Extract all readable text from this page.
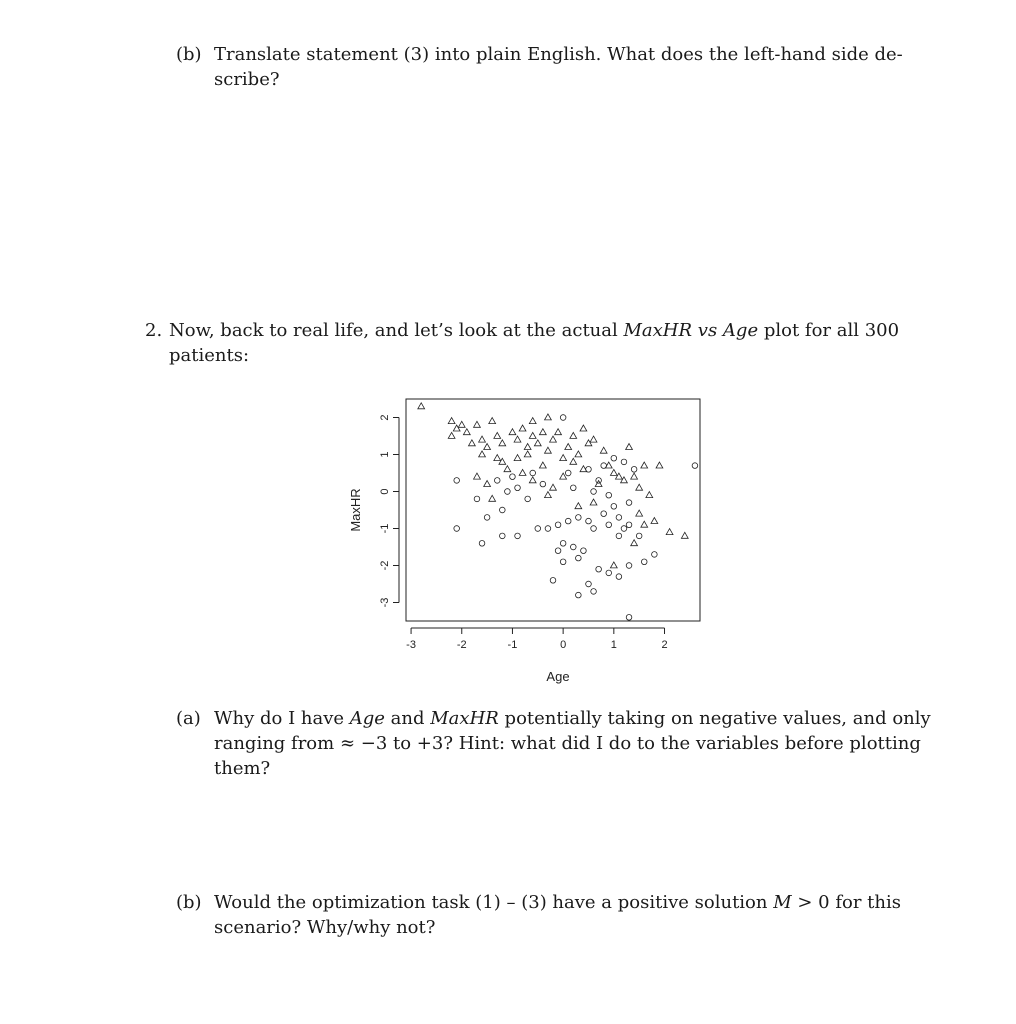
(b) Translate statement (3) into plain English. What does the left-hand side de-
scribe?
2. Now, back to real life, and let’s look at the actual MaxHR vs Age plot for all 300
patients:
-3	-2	-1	0	1	2
-3
-2
-1
0
1
2
Age
MaxHR
(a) Why do I have Age and MaxHR potentially taking on negative values, and only
ranging from ≈ −3 to +3? Hint: what did I do to the variables before plotting
them?
(b) Would the optimization task (1) – (3) have a positive solution M > 0 for this
scenario? Why/why not?
